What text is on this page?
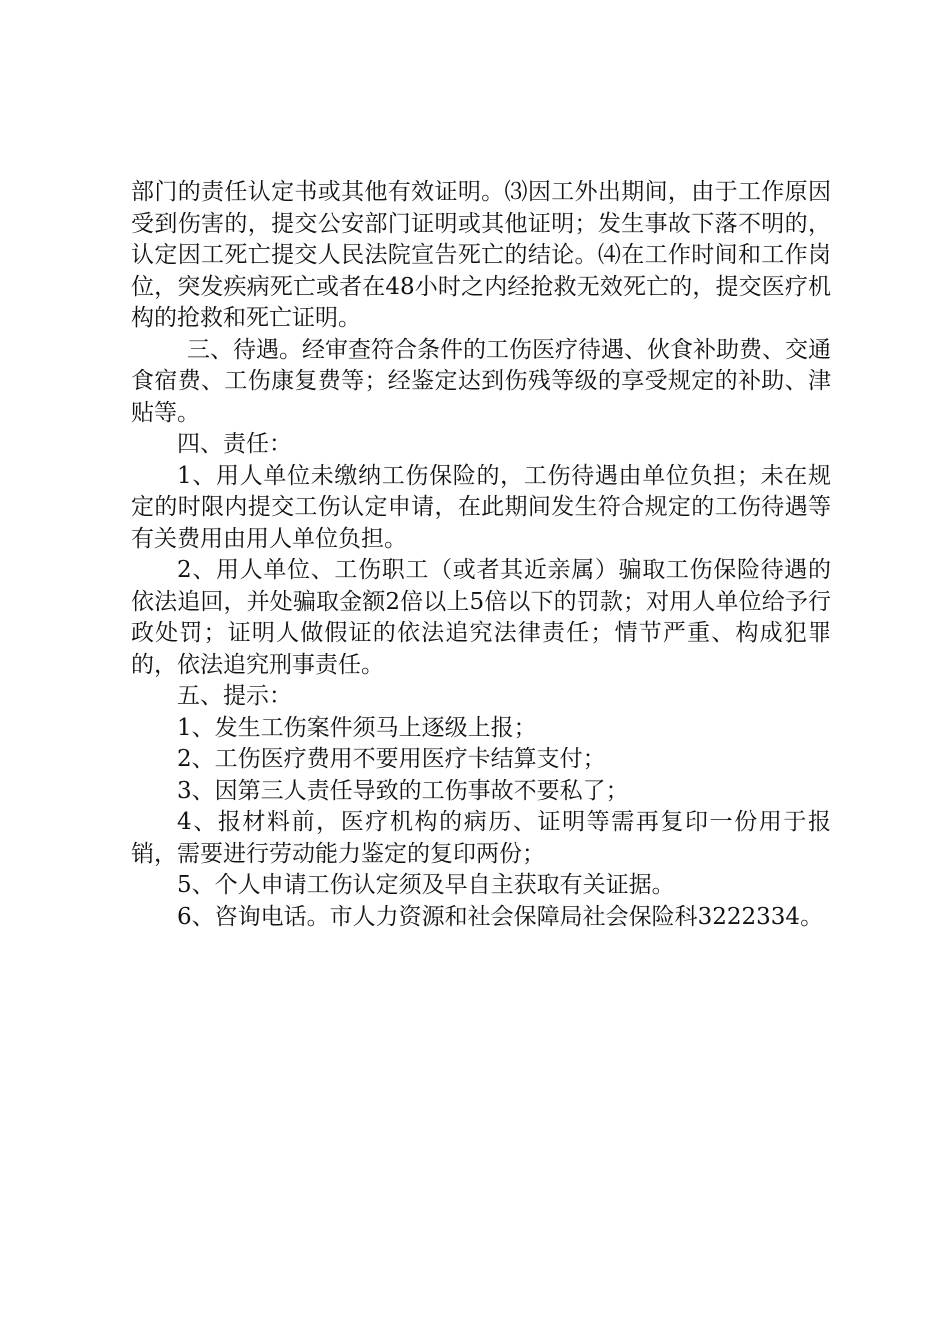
部门的责任认定书或其他有效证明。⑶因工外出期间，由于工作原因受到伤害的，提交公安部门证明或其他证明；发生事故下落不明的，认定因工死亡提交人民法院宣告死亡的结论。⑷在工作时间和工作岗位，突发疾病死亡或者在48小时之内经抢救无效死亡的，提交医疗机构的抢救和死亡证明。

三、待遇。经审查符合条件的工伤医疗待遇、伙食补助费、交通食宿费、工伤康复费等；经鉴定达到伤残等级的享受规定的补助、津贴等。

四、责任：

1、用人单位未缴纳工伤保险的，工伤待遇由单位负担；未在规定的时限内提交工伤认定申请，在此期间发生符合规定的工伤待遇等有关费用由用人单位负担。

2、用人单位、工伤职工（或者其近亲属）骗取工伤保险待遇的依法追回，并处骗取金额2倍以上5倍以下的罚款；对用人单位给予行政处罚；证明人做假证的依法追究法律责任；情节严重、构成犯罪的，依法追究刑事责任。

五、提示：

1、发生工伤案件须马上逐级上报；

2、工伤医疗费用不要用医疗卡结算支付；

3、因第三人责任导致的工伤事故不要私了；

4、报材料前，医疗机构的病历、证明等需再复印一份用于报销，需要进行劳动能力鉴定的复印两份；

5、个人申请工伤认定须及早自主获取有关证据。

6、咨询电话。市人力资源和社会保障局社会保险科3222334。
